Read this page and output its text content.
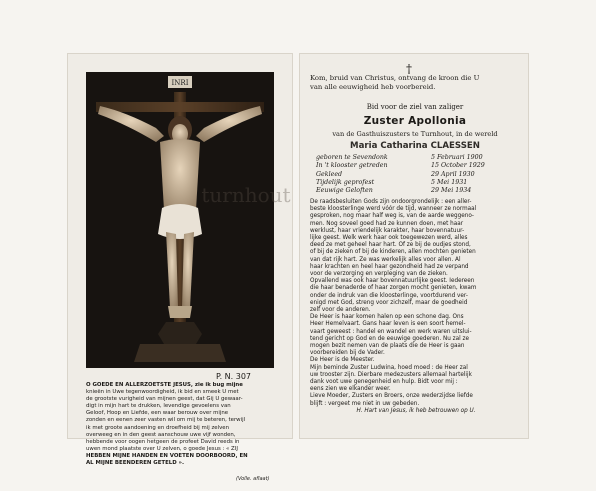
INRI
turnhout
P. N. 307
O GOEDE EN ALLERZOETSTE JESUS, zie ik bug mijne
knieën in Uwe tegenwoordigheid, ik bid en smeek U met
de grootste vurigheid van mijnen geest, dat Gij U gewaar-
digt in mijn hart te drukken, levendige gevoelens van
Geloof, Hoop en Liefde, een waar berouw over mijne
zonden en eenen zeer vasten wil om mij te beteren, terwijl
ik met groote aandoening en droefheid bij mij zelven
overweeg en in den geest aanschouw uwe vijf wonden,
hebbende voor oogen hetgeen de profeet David reeds in
uwen mond plaatste over U zelven, o goede Jesus : « ZIJ
HEBBEN MIJNE HANDEN EN VOETEN DOORBOORD, EN
AL MIJNE BEENDEREN GETELD ».
(Volle. aflaat)
†
Kom, bruid van Christus, ontvang de kroon die U
van alle eeuwigheid heb voorbereid.
Bid voor de ziel van zaliger
Zuster Apollonia
van de Gasthuiszusters te Turnhout, in de wereld
Maria Catharina CLAESSEN
geboren te Sevendonk	5 Februari 1900
In 't klooster getreden	15 October 1929
Gekleed	29 April 1930
Tijdelijk geprofest	5 Mei 1931
Eeuwige Geloften	29 Mei 1934

De raadsbesluiten Gods zijn ondoorgrondelijk : een aller-

beste kloosterlinge werd vóór de tijd, wanneer ze normaal

gesproken, nog maar half weg is, van de aarde weggeno-

men. Nog soveel goed had ze kunnen doen, met haar

werklust, haar vriendelijk karakter, haar bovennatuur-

lijke geest. Welk werk haar ook toegewezen werd, alles

deed ze met geheel haar hart. Of ze bij de oudjes stond,

of bij de zieken of bij de kinderen, allen mochten genieten

van dat rijk hart. Ze was werkelijk alles voor allen. Al

haar krachten en heel haar gezondheid had ze verpand

voor de verzorging en verpleging van de zieken.

Opvallend was ook haar bovennatuurlijke geest. Iedereen

die haar benaderde of haar zorgen mocht genieten, kwam

onder de indruk van die kloosterlinge, voortdurend ver-

enigd met God, streng voor zichzelf, maar de goedheid

zelf voor de anderen.

De Heer is haar komen halen op een schone dag. Ons

Heer Hemelvaart. Gans haar leven is een soort hemel-

vaart geweest : handel en wandel en werk waren uitslui-

tend gericht op God en de eeuwige goederen. Nu zal ze

mogen bezit nemen van de plaats die de Heer is gaan

voorbereiden bij de Vader.

De Heer is de Meester.

Mijn beminde Zuster Ludwina, hoed moed : de Heer zal

uw trooster zijn. Dierbare medezusters allemaal hartelijk

dank voot uwe genegenheid en hulp. Bidt voor mij :

eens zien we elkander weer.

Lieve Moeder, Zusters en Broers, onze wederzijdse liefde

blijft : vergeet me niet in uw gebeden.

H. Hart van Jesus, ik heb betrouwen op U.
